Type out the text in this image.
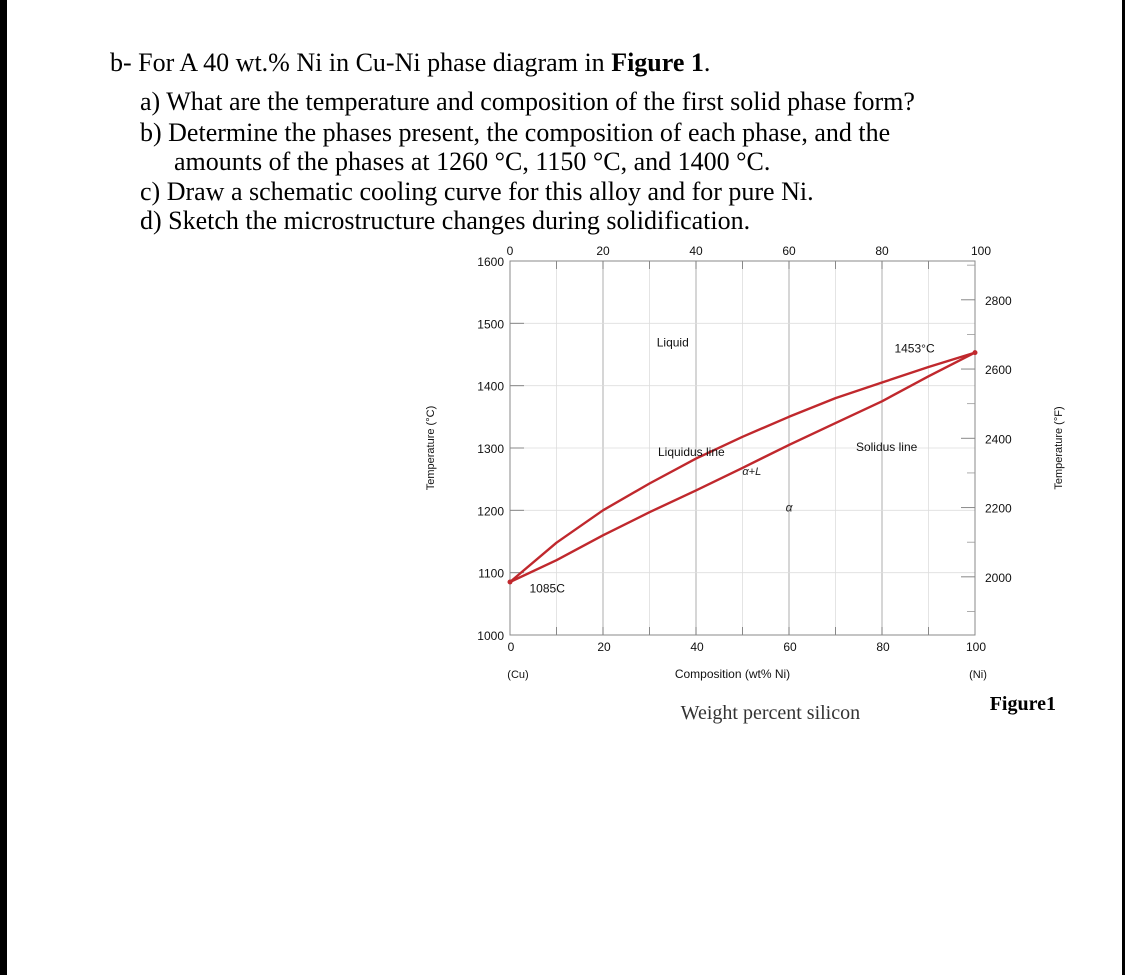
b- For A 40 wt.% Ni in Cu-Ni phase diagram in Figure 1.
a) What are the temperature and composition of the first solid phase form?
b) Determine the phases present, the composition of each phase, and the
amounts of the phases at 1260 °C, 1150 °C, and 1400 °C.
c) Draw a schematic cooling curve for this alloy and for pure Ni.
d) Sketch the microstructure changes during solidification.
1000
1100
1200
1300
1400
1500
1600
2000
2200
2400
2600
2800
0	20	40	60	80	100
0	20	40	60	80	100
(Cu)	(Ni)
Composition (wt% Ni)
Temperature (°C)	Temperature (°F)
Weight percent silicon	Figure1
Liquid	1453°C
Liquidus line	Solidus line
α+L
α
1085C
